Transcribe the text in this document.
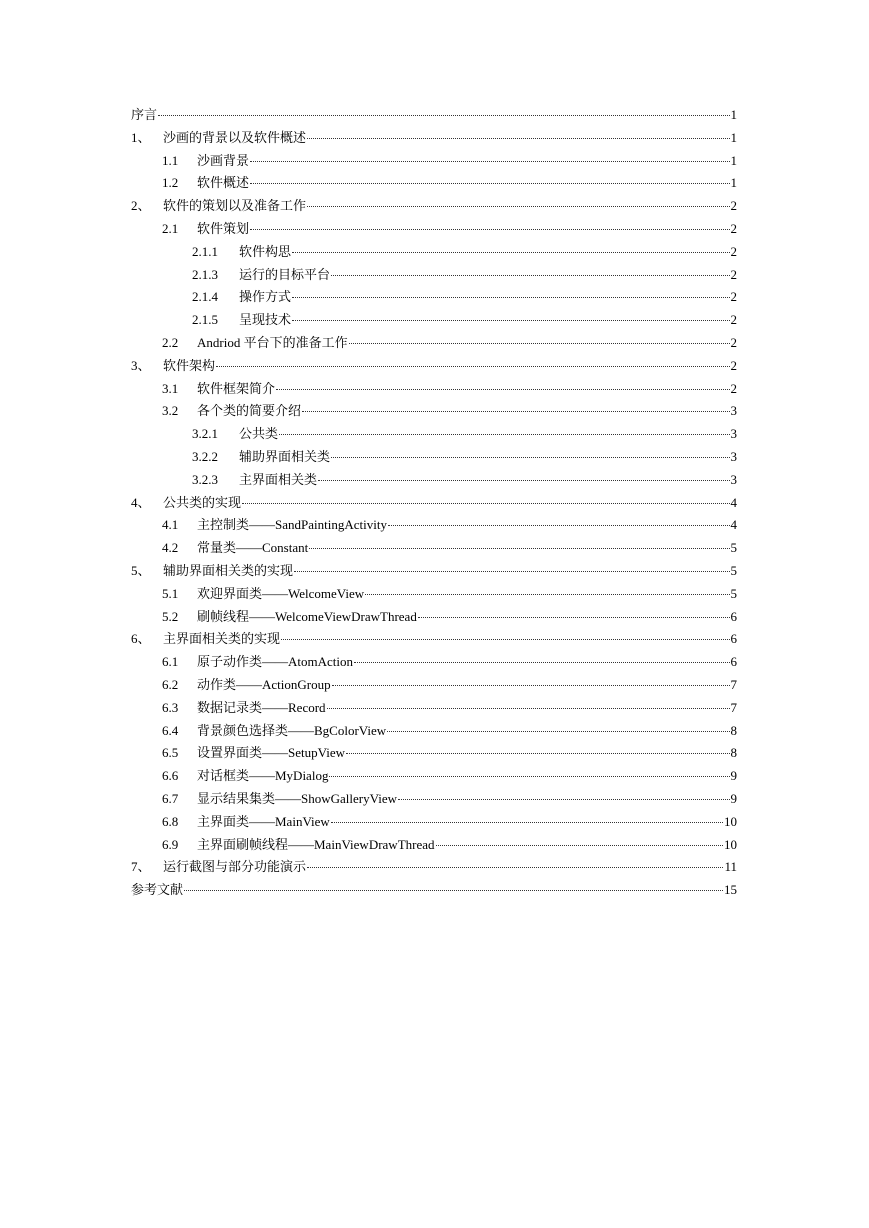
序言	1
1、 沙画的背景以及软件概述	1
1.1	沙画背景	1
1.2	软件概述	1
2、 软件的策划以及准备工作	2
2.1	软件策划	2
2.1.1	软件构思	2
2.1.3	运行的目标平台	2
2.1.4	操作方式	2
2.1.5	呈现技术	2
2.2	Andriod 平台下的准备工作	2
3、 软件架构	2
3.1	软件框架简介	2
3.2	各个类的简要介绍	3
3.2.1	公共类	3
3.2.2	辅助界面相关类	3
3.2.3	主界面相关类	3
4、 公共类的实现	4
4.1	主控制类——SandPaintingActivity	4
4.2	常量类——Constant	5
5、 辅助界面相关类的实现	5
5.1	欢迎界面类——WelcomeView	5
5.2	刷帧线程——WelcomeViewDrawThread	6
6、 主界面相关类的实现	6
6.1	原子动作类——AtomAction	6
6.2	动作类——ActionGroup	7
6.3	数据记录类——Record	7
6.4	背景颜色选择类——BgColorView	8
6.5	设置界面类——SetupView	8
6.6	对话框类——MyDialog	9
6.7	显示结果集类——ShowGalleryView	9
6.8	主界面类——MainView	10
6.9	主界面刷帧线程——MainViewDrawThread	10
7、 运行截图与部分功能演示	11
参考文献	15
